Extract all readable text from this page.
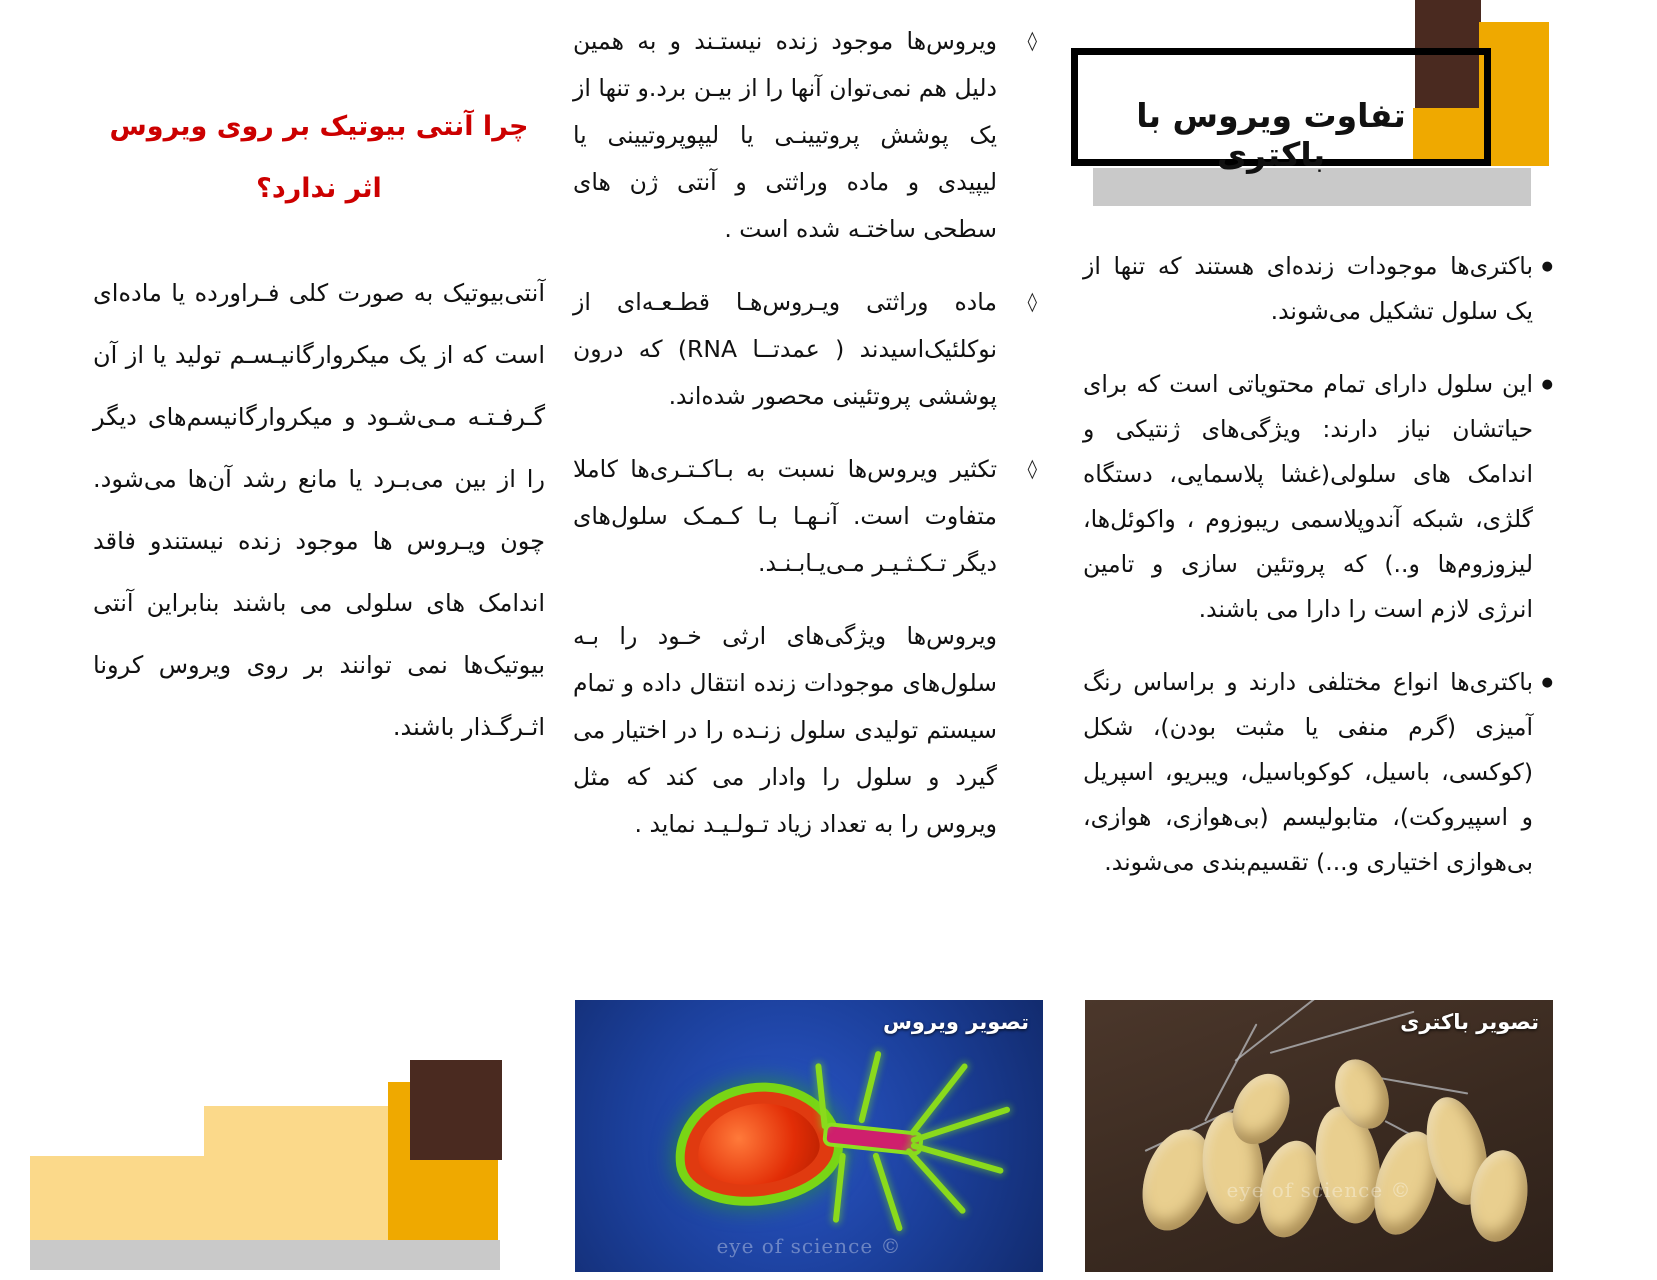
تفاوت ویروس با باکتری
● باکتری‌ها موجودات زنده‌ای هستند که تنها از یک سلول تشکیل می‌شوند.
● این سلول دارای تمام محتویاتی است که برای حیاتشان نیاز دارند: ویژگی‌های ژنتیکی و اندامک های سلولی(غشا پلاسمایی، دستگاه گلژی، شبکه آندوپلاسمی ریبوزوم ، واکوئل‌ها، لیزوزوم‌ها و..) که پروتئین سازی و تامین انرژی لازم است را دارا می باشند.
● باکتری‌ها انواع مختلفی دارند و براساس رنگ آمیزی (گرم منفی یا مثبت بودن)، شکل (کوکسی، باسیل، کوکوباسیل، ویبریو، اسپریل و اسپیروکت)، متابولیسم (بی‌هوازی، هوازی، بی‌هوازی اختیاری و...) تقسیم‌بندی می‌شوند.
◊ ویروس‌ها موجود زنده نیستـند و به همین دلیل هم نمی‌توان آنها را از بیـن برد.و تنها از یک پوشش پروتیینـی یا لیپوپروتیینی یا لیپیدی و ماده وراثتی و آنتی ژن های سطحی ساختـه شده است .
◊ ماده وراثتی ویـروس‌هـا قطـعـه‌ای از نوکلئیک‌اسیدند ( عمدتــا RNA) که درون پوششی پروتئینی محصور شده‌اند.
◊ تکثیر ویروس‌ها نسبت به بـاکـتـری‌ها کاملا متفاوت است. آنـهـا بـا کـمـک سلول‌های دیگر تـکـثـیـر مـی‌یـابـنـد.
ویروس‌ها ویژگی‌های ارثی خـود را بـه سلول‌های موجودات زنده انتقال داده و تمام سیستم تولیدی سلول زنـده را در اختیار می گیرد و سلول را وادار می کند که مثل ویروس را به تعداد زیاد تـولـیـد نماید .
چرا آنتی بیوتیک بر روی ویروس اثر ندارد؟
آنتی‌بیوتیک به صورت کلی فـراورده یا ماده‌ای است که از یک میکروارگانیـسـم تولید یا از آن گـرفـتـه مـی‌شـود و میکروارگانیسم‌های دیگر را از بین می‌بـرد یا مانع رشد آن‌ها می‌شود. چون ویـروس ها موجود زنده نیستندو فاقد اندامک های سلولی می باشند بنابراین آنتی بیوتیک‌ها نمی توانند بر روی ویروس کرونا اثـرگـذار باشند.
تصویر باکتری
© eye of science
تصویر ویروس
© eye of science
